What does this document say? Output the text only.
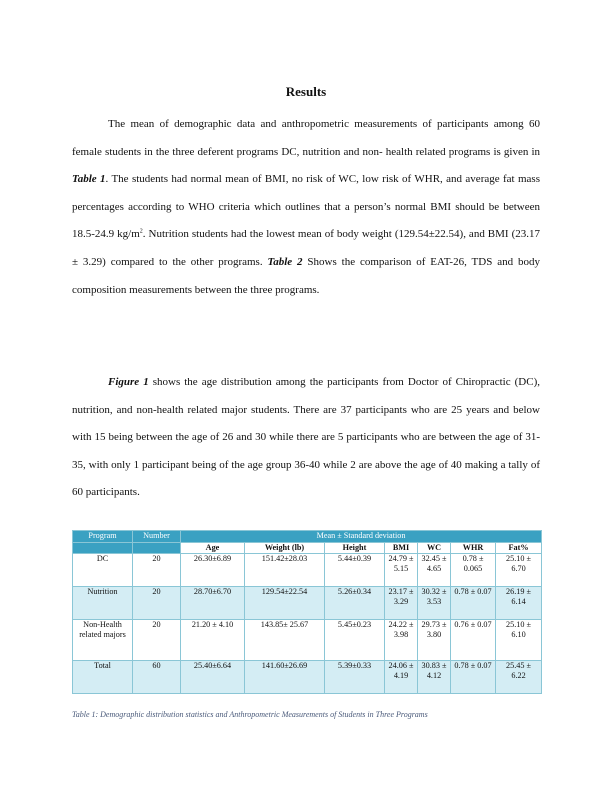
Results

The mean of demographic data and anthropometric measurements of participants among 60 female students in the three deferent programs DC, nutrition and non- health related programs is given in Table 1. The students had normal mean of BMI, no risk of WC, low risk of WHR, and average fat mass percentages according to WHO criteria which outlines that a person’s normal BMI should be between 18.5-24.9 $kg/m^2$. Nutrition students had the lowest mean of body weight (129.54±22.54), and BMI (23.17 ± 3.29) compared to the other programs. Table 2 Shows the comparison of EAT-26, TDS and body composition measurements between the three programs.

Figure 1 shows the age distribution among the participants from Doctor of Chiropractic (DC), nutrition, and non-health related major students. There are 37 participants who are 25 years and below with 15 being between the age of 26 and 30 while there are 5 participants who are between the age of 31-35, with only 1 participant being of the age group 36-40 while 2 are above the age of 40 making a tally of 60 participants.

Program	Number	Mean ± Standard deviation						
		Age	Weight (lb)	Height	BMI	WC	WHR	Fat%
DC	20	26.30±6.89	151.42±28.03	5.44±0.39	24.79 ± 5.15	32.45 ± 4.65	0.78 ± 0.065	25.10 ± 6.70
Nutrition	20	28.70±6.70	129.54±22.54	5.26±0.34	23.17 ± 3.29	30.32 ± 3.53	0.78 ± 0.07	26.19 ± 6.14
Non-Health related majors	20	21.20 ± 4.10	143.85± 25.67	5.45±0.23	24.22 ± 3.98	29.73 ± 3.80	0.76 ± 0.07	25.10 ± 6.10
Total	60	25.40±6.64	141.60±26.69	5.39±0.33	24.06 ± 4.19	30.83 ± 4.12	0.78 ± 0.07	25.45 ± 6.22
Table 1: Demographic distribution statistics and Anthropometric Measurements of Students in Three Programs
